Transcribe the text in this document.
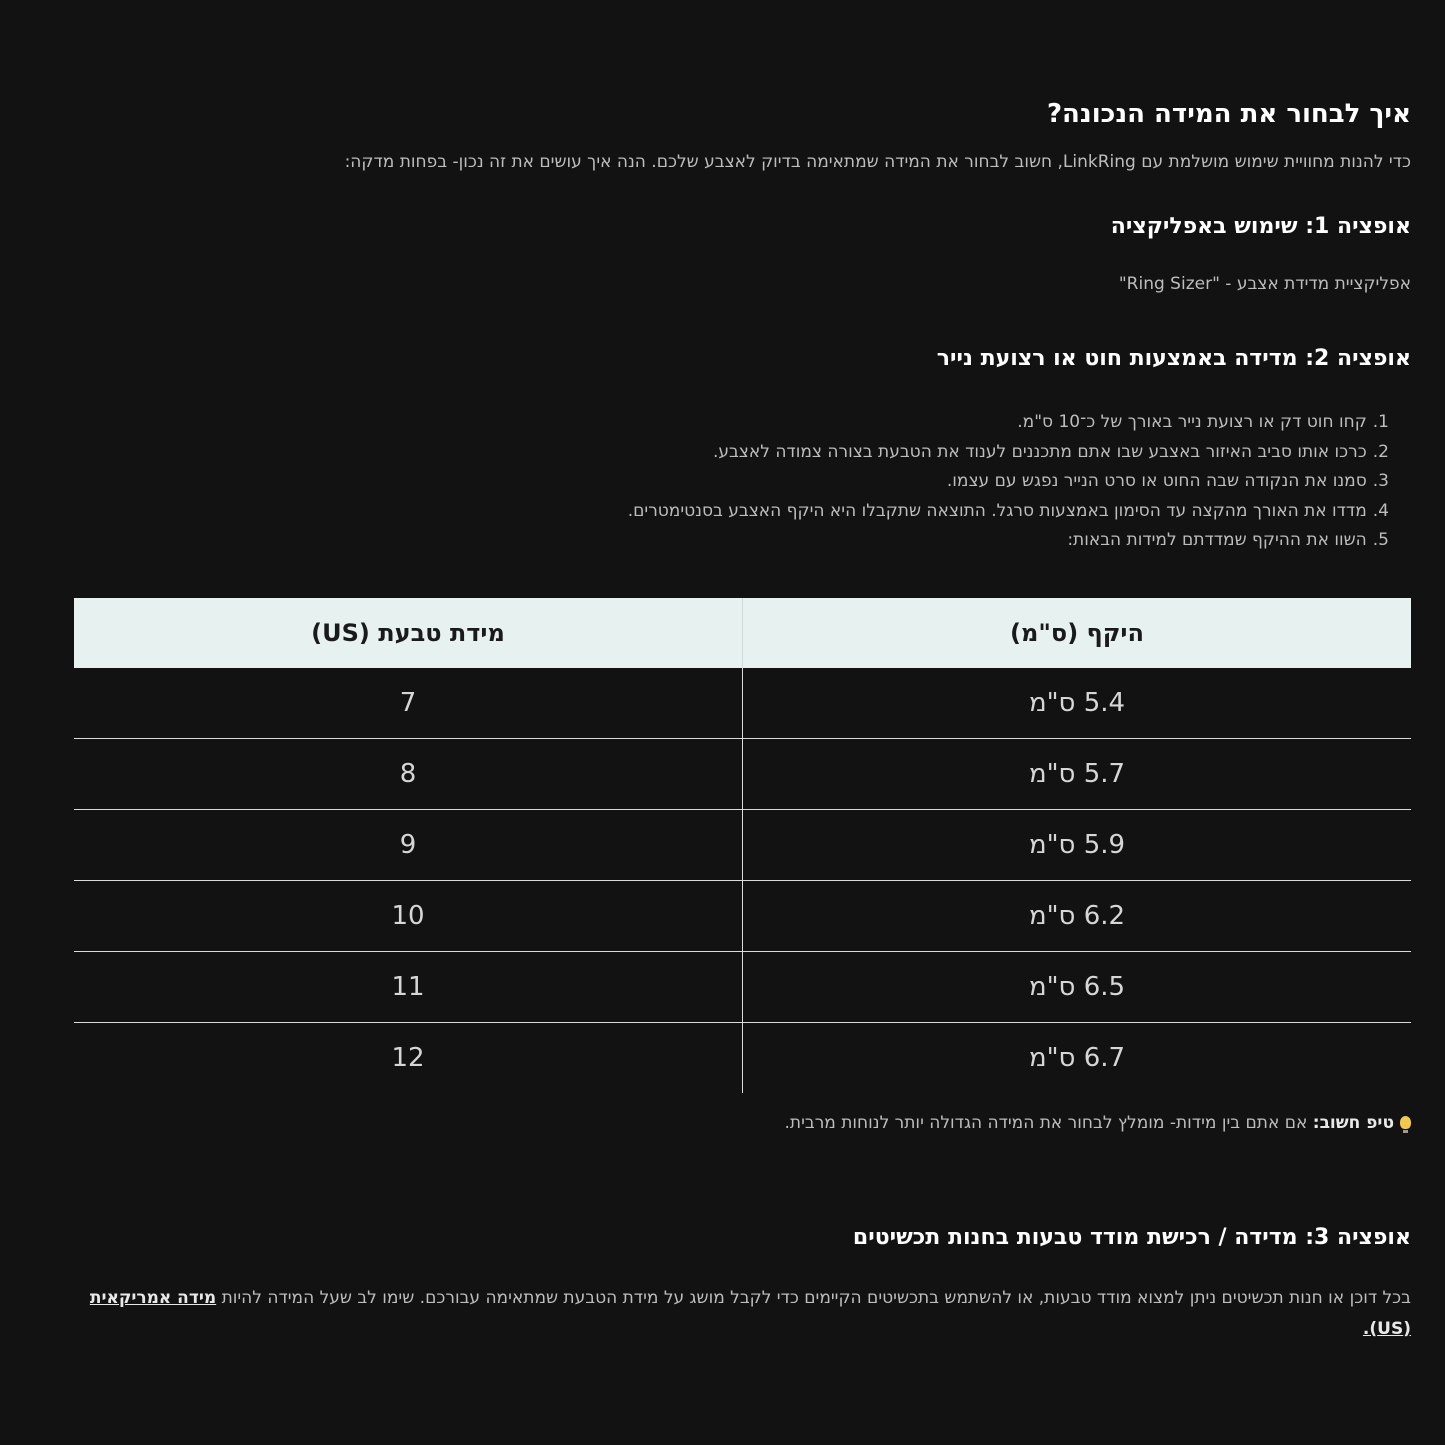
איך לבחור את המידה הנכונה?

כדי להנות מחוויית שימוש מושלמת עם LinkRing, חשוב לבחור את המידה שמתאימה בדיוק לאצבע שלכם. הנה איך עושים את זה נכון- בפחות מדקה:

אופציה 1: שימוש באפליקציה

אפליקציית מדידת אצבע - "Ring Sizer"

אופציה 2: מדידה באמצעות חוט או רצועת נייר
1.קחו חוט דק או רצועת נייר באורך של כ־10 ס"מ.
2.כרכו אותו סביב האיזור באצבע שבו אתם מתכננים לענוד את הטבעת בצורה צמודה לאצבע.
3.סמנו את הנקודה שבה החוט או סרט הנייר נפגש עם עצמו.
4.מדדו את האורך מהקצה עד הסימון באמצעות סרגל. התוצאה שתקבלו היא היקף האצבע בסנטימטרים.
5.השוו את ההיקף שמדדתם למידות הבאות:
היקף (ס"מ)	מידת טבעת (US)
5.4 ס"מ	7
5.7 ס"מ	8
5.9 ס"מ	9
6.2 ס"מ	10
6.5 ס"מ	11
6.7 ס"מ	12

טיפ חשוב: אם אתם בין מידות- מומלץ לבחור את המידה הגדולה יותר לנוחות מרבית.

אופציה 3: מדידה / רכישת מודד טבעות בחנות תכשיטים

בכל דוכן או חנות תכשיטים ניתן למצוא מודד טבעות, או להשתמש בתכשיטים הקיימים כדי לקבל מושג על מידת הטבעת שמתאימה עבורכם. שימו לב שעל המידה להיות מידה אמריקאית (US).
